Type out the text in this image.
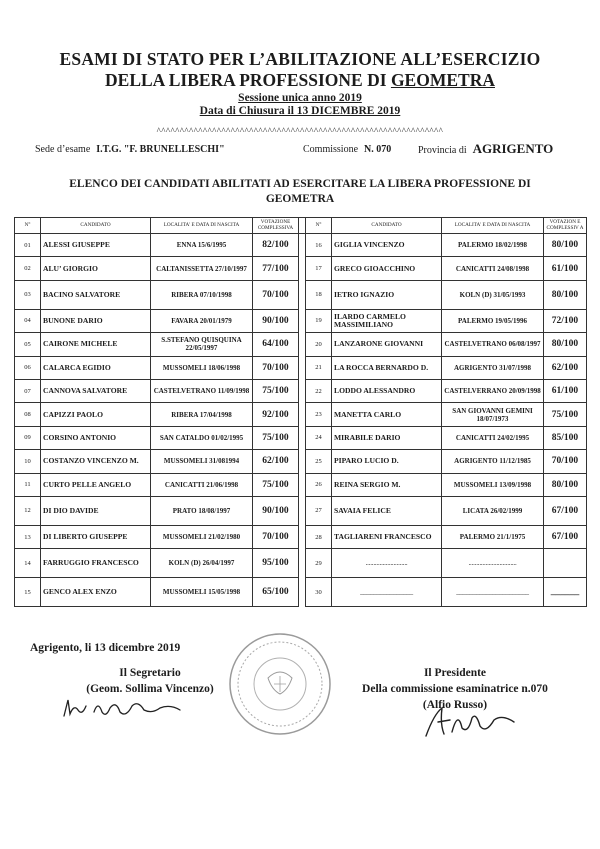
ESAMI DI STATO PER L’ABILITAZIONE ALL’ESERCIZIO
DELLA LIBERA PROFESSIONE DI GEOMETRA
Sessione unica anno 2019
Data di Chiusura il 13 DICEMBRE 2019
^^^^^^^^^^^^^^^^^^^^^^^^^^^^^^^^^^^^^^^^^^^^^^^^^^^^^^^^^^^^^^
Sede d’esame I.T.G. "F. BRUNELLESCHI"	Commissione N. 070	Provincia di AGRIGENTO
ELENCO DEI CANDIDATI ABILITATI AD ESERCITARE LA LIBERA PROFESSIONE DI GEOMETRA
N°	CANDIDATO	LOCALITA' E DATA DI NASCITA	VOTAZIONE COMPLESSIVA		N°	CANDIDATO	LOCALITA' E DATA DI NASCITA	VOTAZION E COMPLESSIV A
01	ALESSI GIUSEPPE	ENNA 15/6/1995	82/100		16	GIGLIA VINCENZO	PALERMO 18/02/1998	80/100
02	ALU’ GIORGIO	CALTANISSETTA 27/10/1997	77/100		17	GRECO GIOACCHINO	CANICATTI 24/08/1998	61/100
03	BACINO SALVATORE	RIBERA 07/10/1998	70/100		18	IETRO IGNAZIO	KOLN (D) 31/05/1993	80/100
04	BUNONE DARIO	FAVARA 20/01/1979	90/100		19	ILARDO CARMELO MASSIMILIANO	PALERMO 19/05/1996	72/100
05	CAIRONE MICHELE	S.STEFANO QUISQUINA 22/05/1997	64/100		20	LANZARONE GIOVANNI	CASTELVETRANO 06/08/1997	80/100
06	CALARCA EGIDIO	MUSSOMELI 18/06/1998	70/100		21	LA ROCCA BERNARDO D.	AGRIGENTO 31/07/1998	62/100
07	CANNOVA SALVATORE	CASTELVETRANO 11/09/1998	75/100		22	LODDO ALESSANDRO	CASTELVERRANO 20/09/1998	61/100
08	CAPIZZI PAOLO	RIBERA 17/04/1998	92/100		23	MANETTA CARLO	SAN GIOVANNI GEMINI 18/07/1973	75/100
09	CORSINO ANTONIO	SAN CATALDO 01/02/1995	75/100		24	MIRABILE DARIO	CANICATTI 24/02/1995	85/100
10	COSTANZO VINCENZO M.	MUSSOMELI 31/081994	62/100		25	PIPARO LUCIO D.	AGRIGENTO 11/12/1985	70/100
11	CURTO PELLE ANGELO	CANICATTI 21/06/1998	75/100		26	REINA SERGIO M.	MUSSOMELI 13/09/1998	80/100
12	DI DIO DAVIDE	PRATO 18/08/1997	90/100		27	SAVAIA FELICE	LICATA 26/02/1999	67/100
13	DI LIBERTO GIUSEPPE	MUSSOMELI 21/02/1980	70/100		28	TAGLIARENI FRANCESCO	PALERMO 21/1/1975	67/100
14	FARRUGGIO FRANCESCO	KOLN (D) 26/04/1997	95/100		29	...........................	...............................	
15	GENCO ALEX ENZO	MUSSOMELI 15/05/1998	65/100		30	________________	______________________	______
Agrigento, li 13 dicembre 2019
Il Segretario
(Geom. Sollima Vincenzo)
Il Presidente
Della commissione esaminatrice n.070
(Alfio Russo)
